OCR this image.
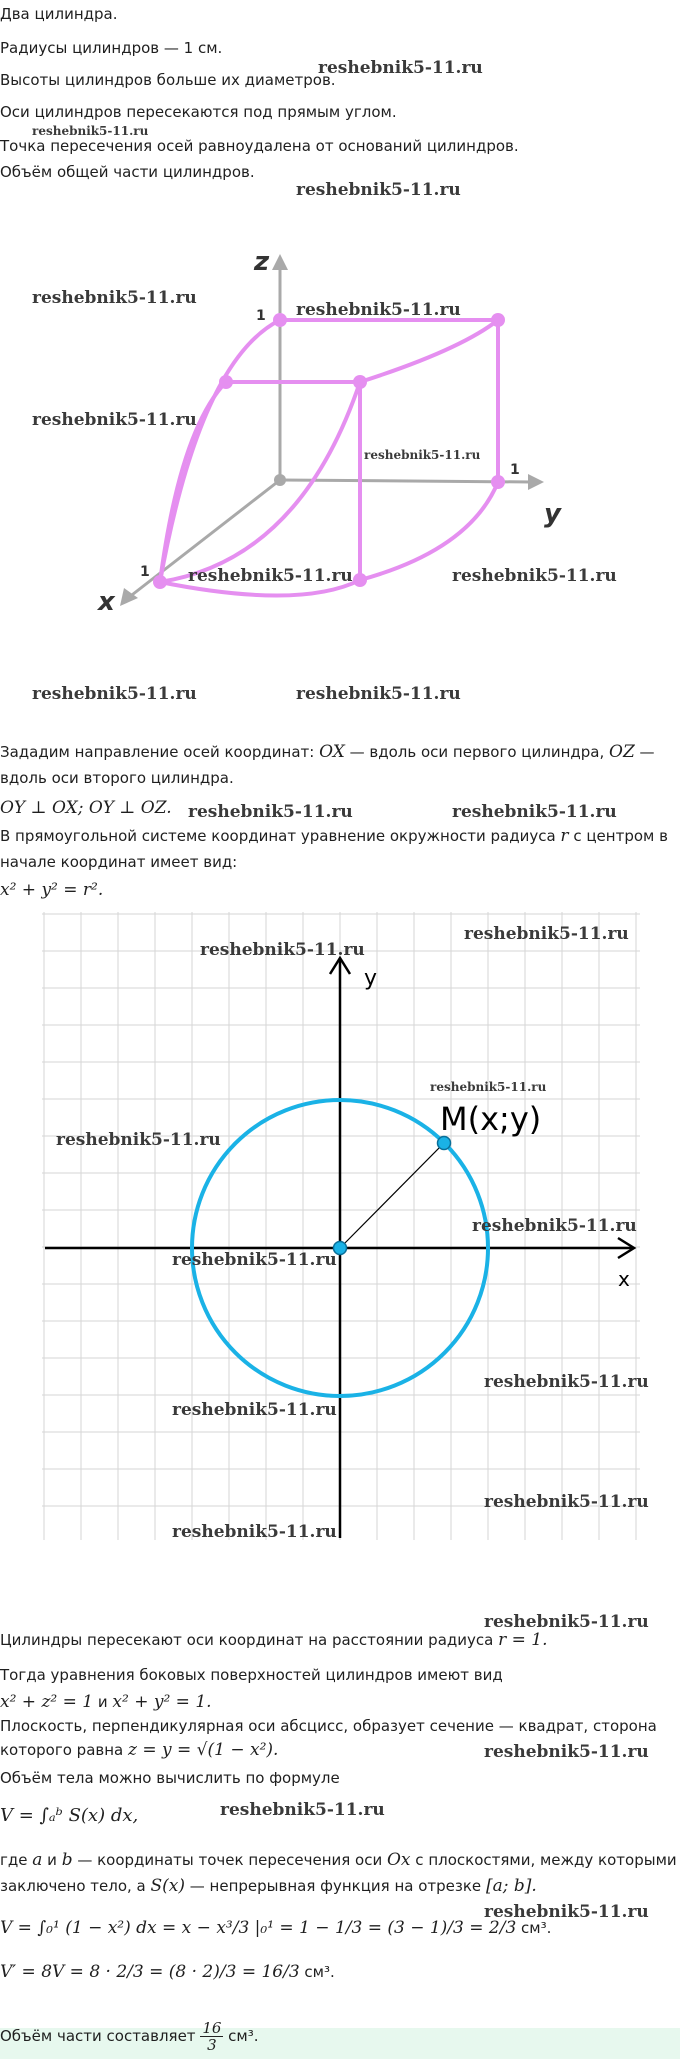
Два цилиндра.
Радиусы цилиндров — 1 см.
Высоты цилиндров больше их диаметров.
Оси цилиндров пересекаются под прямым углом.
Точка пересечения осей равноудалена от оснований цилиндров.
Объём общей части цилиндров.
z
y
x
1
1
1
Зададим направление осей координат: OX — вдоль оси первого цилиндра, OZ —
вдоль оси второго цилиндра.
OY ⊥ OX; OY ⊥ OZ.
В прямоугольной системе координат уравнение окружности радиуса r с центром в
начале координат имеет вид:
x² + y² = r².
y
x
M(x;y)
Цилиндры пересекают оси координат на расстоянии радиуса r = 1.
Тогда уравнения боковых поверхностей цилиндров имеют вид
x² + z² = 1 и x² + y² = 1.
Плоскость, перпендикулярная оси абсцисс, образует сечение — квадрат, сторона
которого равна z = y = √(1 − x²).
Объём тела можно вычислить по формуле
V = ∫ₐᵇ S(x) dx,
где a и b — координаты точек пересечения оси Ox с плоскостями, между которыми
заключено тело, а S(x) — непрерывная функция на отрезке [a; b].
V = ∫₀¹ (1 − x²) dx = x − x³/3 |₀¹ = 1 − 1/3 = (3 − 1)/3 = 2/3 см³.
V′ = 8V = 8 · 2/3 = (8 · 2)/3 = 16/3 см³.
Объём части составляет $\frac{16}{3} см^3$.
reshebnik5-11.ru
reshebnik5-11.ru
reshebnik5-11.ru
reshebnik5-11.ru
reshebnik5-11.ru
reshebnik5-11.ru
reshebnik5-11.ru
reshebnik5-11.ru	reshebnik5-11.ru
reshebnik5-11.ru	reshebnik5-11.ru
reshebnik5-11.ru	reshebnik5-11.ru
reshebnik5-11.ru
reshebnik5-11.ru
reshebnik5-11.ru
reshebnik5-11.ru
reshebnik5-11.ru
reshebnik5-11.ru
reshebnik5-11.ru
reshebnik5-11.ru
reshebnik5-11.ru
reshebnik5-11.ru
reshebnik5-11.ru
reshebnik5-11.ru
reshebnik5-11.ru
reshebnik5-11.ru
